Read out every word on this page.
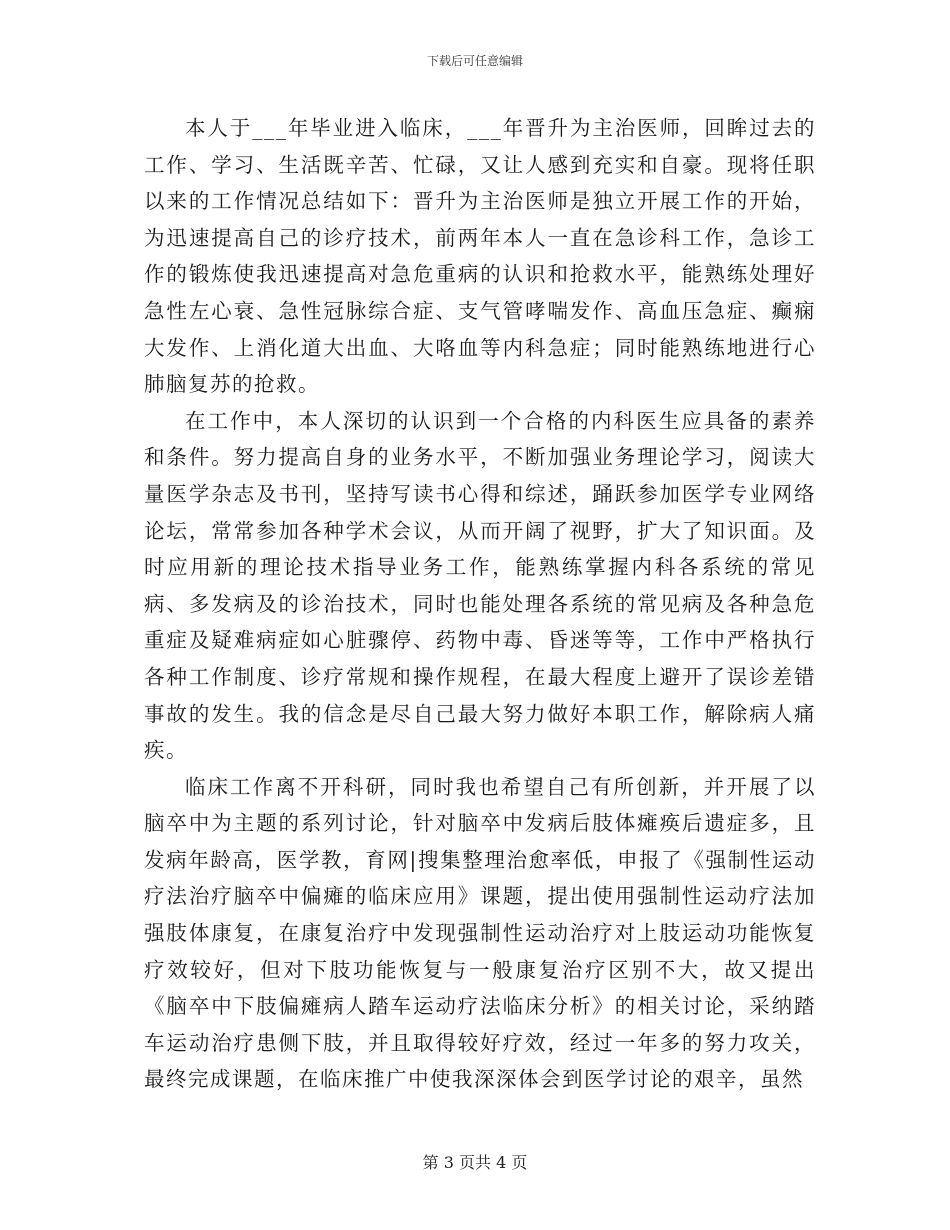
下载后可任意编辑

本人于___年毕业进入临床，___年晋升为主治医师，回眸过去的工作、学习、生活既辛苦、忙碌，又让人感到充实和自豪。现将任职以来的工作情况总结如下：晋升为主治医师是独立开展工作的开始，为迅速提高自己的诊疗技术，前两年本人一直在急诊科工作，急诊工作的锻炼使我迅速提高对急危重病的认识和抢救水平，能熟练处理好急性左心衰、急性冠脉综合症、支气管哮喘发作、高血压急症、癫痫大发作、上消化道大出血、大咯血等内科急症；同时能熟练地进行心肺脑复苏的抢救。

在工作中，本人深切的认识到一个合格的内科医生应具备的素养和条件。努力提高自身的业务水平，不断加强业务理论学习，阅读大量医学杂志及书刊，坚持写读书心得和综述，踊跃参加医学专业网络论坛，常常参加各种学术会议，从而开阔了视野，扩大了知识面。及时应用新的理论技术指导业务工作，能熟练掌握内科各系统的常见病、多发病及的诊治技术，同时也能处理各系统的常见病及各种急危重症及疑难病症如心脏骤停、药物中毒、昏迷等等，工作中严格执行各种工作制度、诊疗常规和操作规程，在最大程度上避开了误诊差错事故的发生。我的信念是尽自己最大努力做好本职工作，解除病人痛疾。

临床工作离不开科研，同时我也希望自己有所创新，并开展了以脑卒中为主题的系列讨论，针对脑卒中发病后肢体瘫痪后遗症多，且发病年龄高，医学教，育网|搜集整理治愈率低，申报了《强制性运动疗法治疗脑卒中偏瘫的临床应用》课题，提出使用强制性运动疗法加强肢体康复，在康复治疗中发现强制性运动治疗对上肢运动功能恢复疗效较好，但对下肢功能恢复与一般康复治疗区别不大，故又提出《脑卒中下肢偏瘫病人踏车运动疗法临床分析》的相关讨论，采纳踏车运动治疗患侧下肢，并且取得较好疗效，经过一年多的努力攻关，最终完成课题，在临床推广中使我深深体会到医学讨论的艰辛，虽然

第 3 页共 4 页
